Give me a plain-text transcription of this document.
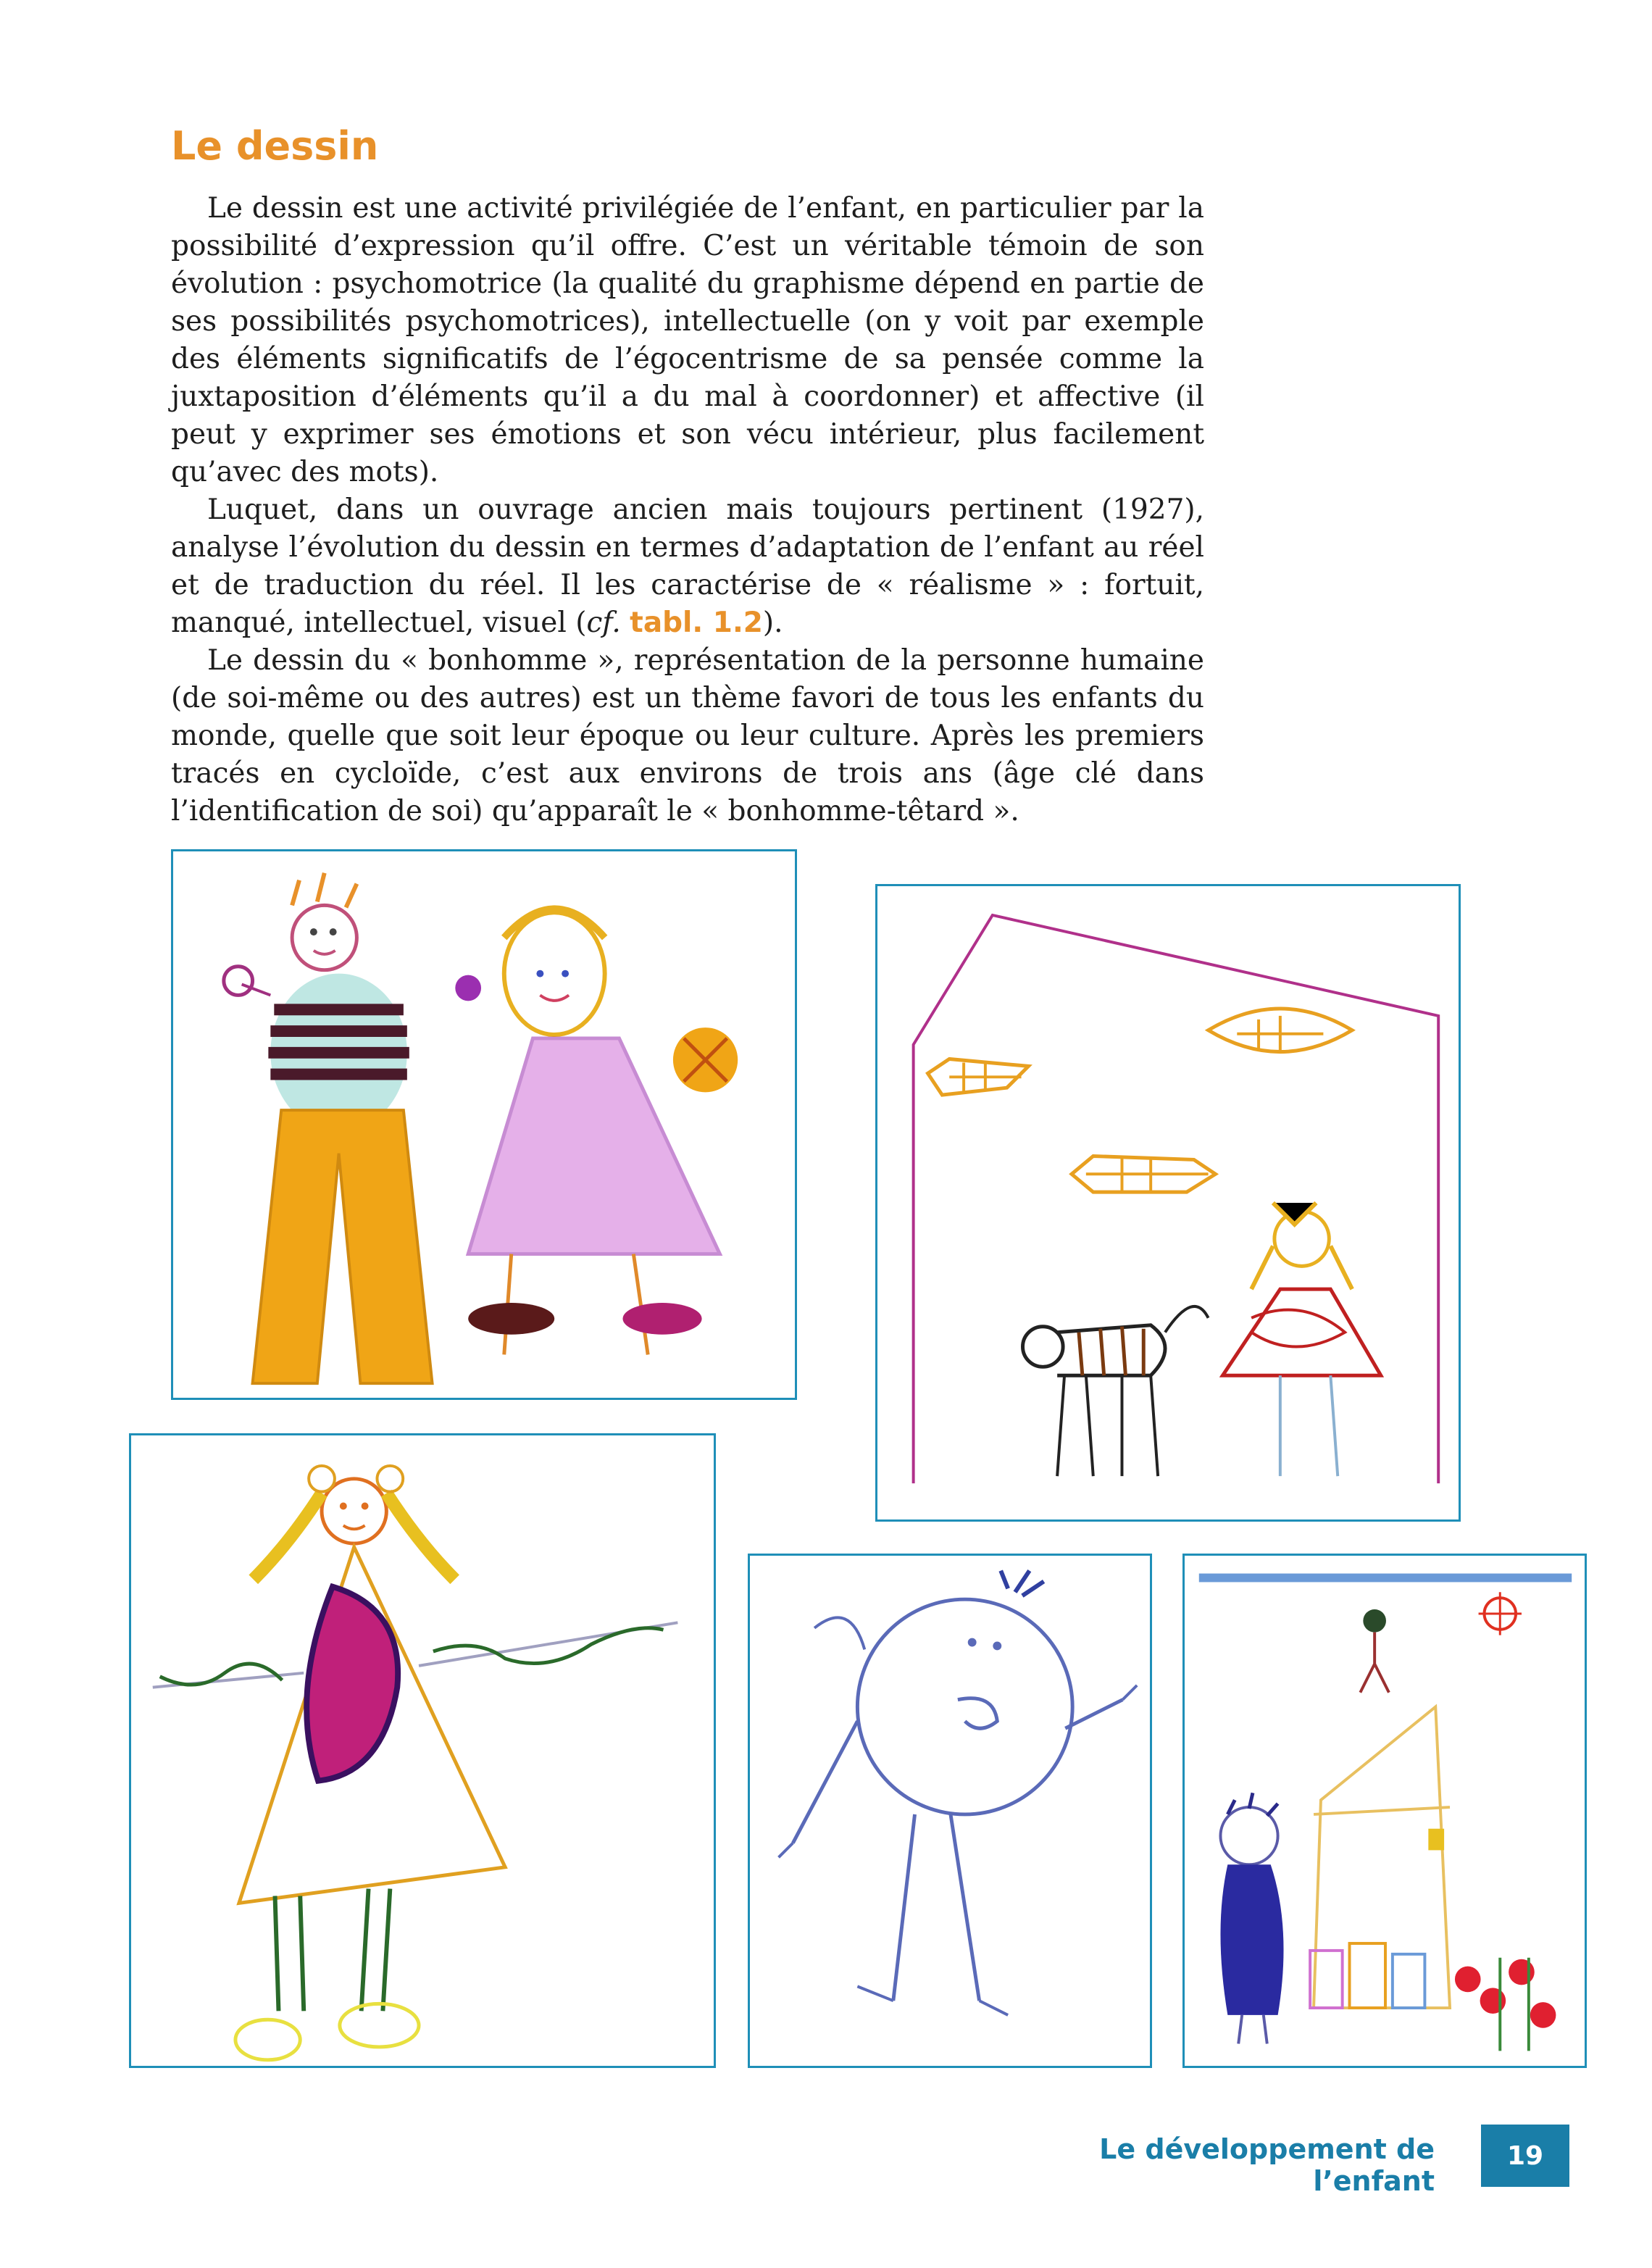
Le dessin

Le dessin est une activité privilégiée de l’enfant, en particulier par la possibilité d’expression qu’il offre. C’est un véritable témoin de son évolution : psychomotrice (la qualité du graphisme dépend en partie de ses possibilités psychomotrices), intellectuelle (on y voit par exemple des éléments significatifs de l’égocentrisme de sa pensée comme la juxtaposition d’éléments qu’il a du mal à coordonner) et affective (il peut y exprimer ses émotions et son vécu intérieur, plus facilement qu’avec des mots).

Luquet, dans un ouvrage ancien mais toujours pertinent (1927), analyse l’évolution du dessin en termes d’adaptation de l’enfant au réel et de traduction du réel. Il les caractérise de « réalisme » : fortuit, manqué, intellectuel, visuel (cf. tabl. 1.2).

Le dessin du « bonhomme », représentation de la personne humaine (de soi-même ou des autres) est un thème favori de tous les enfants du monde, quelle que soit leur époque ou leur culture. Après les premiers tracés en cycloïde, c’est aux environs de trois ans (âge clé dans l’identification de soi) qu’apparaît le « bonhomme-têtard ».

Le développement de l’enfant
19
